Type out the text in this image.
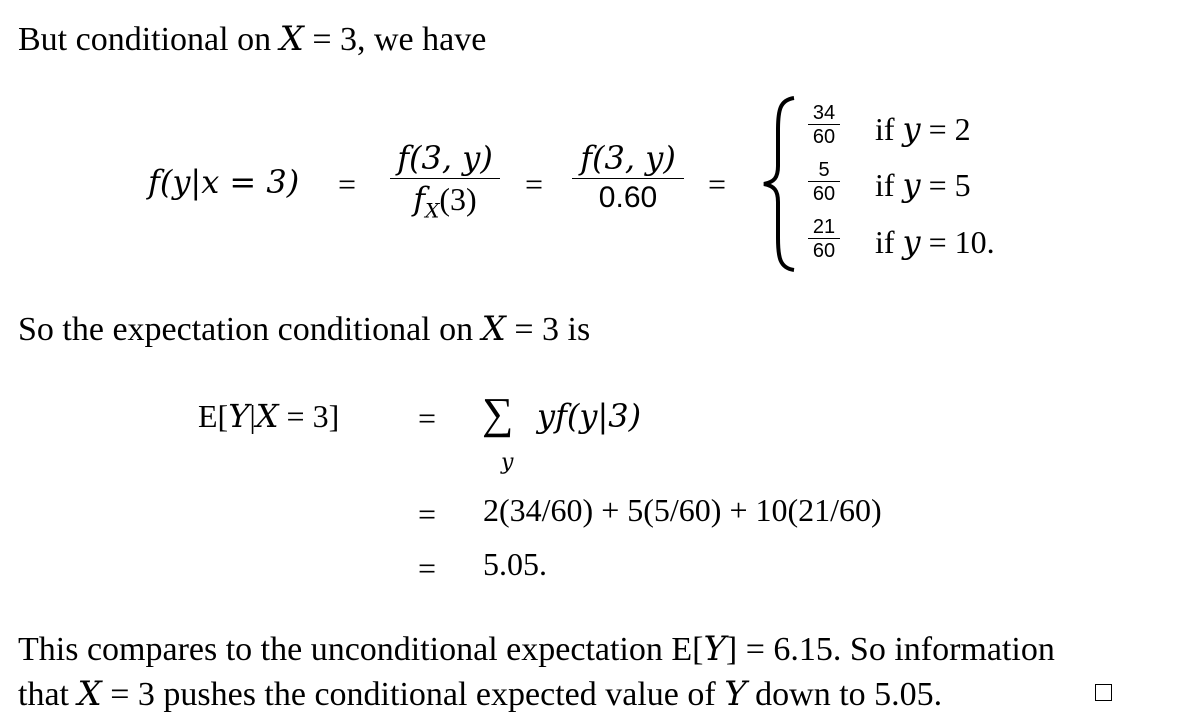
But conditional on X = 3, we have
f(y|x = 3) =
f(3, y)
$f_X(3)$	=
f(3, y)
0.60	=
34
60 if y = 2
5
60 if y = 5
21
60 if y = 10.
So the expectation conditional on X = 3 is
E[Y|X = 3] = ∑
y
yf(y|3)
= 2(34/60) + 5(5/60) + 10(21/60)
= 5.05.
This compares to the unconditional expectation E[Y] = 6.15. So information
that X = 3 pushes the conditional expected value of Y down to 5.05.
